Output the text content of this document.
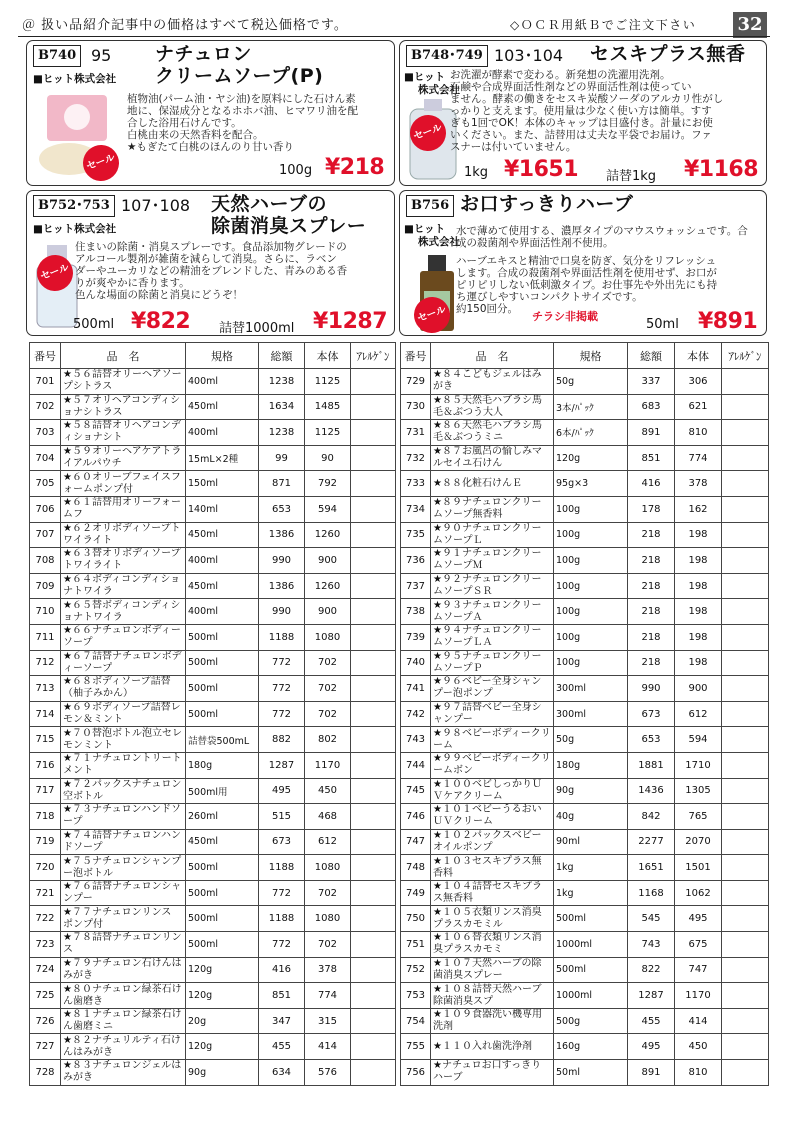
＠ 扱い品紹介記事中の価格はすべて税込価格です。	◇ＯＣＲ用紙Ｂでご注文下さい 32
B740 95 ナチュロン
クリームソープ(P)
■ヒット株式会社
セール
植物油(パーム油・ヤシ油)を原料にした石けん素
地に、保湿成分となるホホバ油、ヒマワリ油を配
合した浴用石けんです。
白桃由来の天然香料を配合。
★もぎたて白桃のほんのり甘い香り
100g ¥218
B748･749 103･104 セスキプラス無香
■ヒット
株式会社
セール
お洗濯が酵素で変わる。新発想の洗濯用洗剤。
石鹸や合成界面活性剤などの界面活性剤は使ってい
ません。酵素の働きをセスキ炭酸ソーダのアルカリ性がし
っかりと支えます。使用量は少なく使い方は簡単。すす
ぎも1回でOK！本体のキャップは目盛付き。計量にお使
いください。また、詰替用は丈夫な平袋でお届け。ファ
スナーは付いていません。
1kg ¥1651 詰替1kg ¥1168
B752･753 107･108 天然ハーブの
除菌消臭スプレー
■ヒット株式会社
セール
住まいの除菌・消臭スプレーです。食品添加物グレードの
アルコール製剤が雑菌を減らして消臭。さらに、ラベン
ダーやユーカリなどの精油をブレンドした、青みのある香
りが爽やかに香ります。
色んな場面の除菌と消臭にどうぞ！
500ml ¥822 詰替1000ml ¥1287
B756 お口すっきりハーブ
■ヒット
株式会社
セール
水で薄めて使用する、濃厚タイプのマウスウォッシュです。合
成の殺菌剤や界面活性剤不使用。
ハーブエキスと精油で口臭を防ぎ、気分をリフレッシュ
します。合成の殺菌剤や界面活性剤を使用せず、お口が
ピリピリしない低刺激タイプ。お仕事先や外出先にも持
ち運びしやすいコンパクトサイズです。
約150回分。
チラシ非掲載
50ml ¥891
番号	品　名	規格	総額	本体	ｱﾚﾙｹﾞﾝ
701	★５６詰替オリーヘアソープシトラス	400ml	1238	1125	
702	★５７オリヘアコンディショナシトラス	450ml	1634	1485	
703	★５８詰替オリヘアコンディショナシト	400ml	1238	1125	
704	★５９オリーヘアケアトライアルパウチ	15mL×2種	99	90	
705	★６０オリーブフェイスフォームポンプ付	150ml	871	792	
706	★６１詰替用オリーフォームフ	140ml	653	594	
707	★６２オリボディソープトワイライト	450ml	1386	1260	
708	★６３替オリボディソープトワイライト	400ml	990	900	
709	★６４ボディコンディショナトワイラ	450ml	1386	1260	
710	★６５替ボディコンディショナトワイラ	400ml	990	900	
711	★６６ナチュロンボディーソープ	500ml	1188	1080	
712	★６７詰替ナチュロンボディーソープ	500ml	772	702	
713	★６８ボディソープ詰替（柚子みかん）	500ml	772	702	
714	★６９ボディソープ詰替レモン＆ミント	500ml	772	702	
715	★７０替泡ボトル泡立セレモンミント	詰替袋500mL	882	802	
716	★７１ナチュロントリートメント	180g	1287	1170	
717	★７２パックスナチュロン空ボトル	500ml用	495	450	
718	★７３ナチュロンハンドソープ	260ml	515	468	
719	★７４詰替ナチュロンハンドソープ	450ml	673	612	
720	★７５ナチュロンシャンプー泡ボトル	500ml	1188	1080	
721	★７６詰替ナチュロンシャンプー	500ml	772	702	
722	★７７ナチュロンリンス　ポンプ付	500ml	1188	1080	
723	★７８詰替ナチュロンリンス	500ml	772	702	
724	★７９ナチュロン石けんはみがき	120g	416	378	
725	★８０ナチュロン緑茶石けん歯磨き	120g	851	774	
726	★８１ナチュロン緑茶石けん歯磨ミニ	20g	347	315	
727	★８２ナチュリルティ石けんはみがき	120g	455	414	
728	★８３ナチュロンジェルはみがき	90g	634	576	
番号	品　名	規格	総額	本体	ｱﾚﾙｹﾞﾝ
729	★８４こどもジェルはみがき	50g	337	306	
730	★８５天然毛ハブラシ馬毛＆ぶつう大人	3本/ﾊﾟｯｸ	683	621	
731	★８６天然毛ハブラシ馬毛＆ぶつうミニ	6本/ﾊﾟｯｸ	891	810	
732	★８７お風呂の愉しみマルセイユ石けん	120g	851	774	
733	★８８化粧石けんＥ	95g×3	416	378	
734	★８９ナチュロンクリームソープ無香料	100g	178	162	
735	★９０ナチュロンクリームソープＬ	100g	218	198	
736	★９１ナチュロンクリームソープＭ	100g	218	198	
737	★９２ナチュロンクリームソープＳＲ	100g	218	198	
738	★９３ナチュロンクリームソープＡ	100g	218	198	
739	★９４ナチュロンクリームソープＬＡ	100g	218	198	
740	★９５ナチュロンクリームソープＰ	100g	218	198	
741	★９６ベビー全身シャンプー泡ポンプ	300ml	990	900	
742	★９７詰替ベビー全身シャンプー	300ml	673	612	
743	★９８ベビーボディークリーム	50g	653	594	
744	★９９ベビーボディークリームボン	180g	1881	1710	
745	★１００ベビしっかりＵＶケアクリーム	90g	1436	1305	
746	★１０１ベビーうるおいＵＶクリーム	40g	842	765	
747	★１０２パックスベビーオイルポンプ	90ml	2277	2070	
748	★１０３セスキプラス無香料	1kg	1651	1501	
749	★１０４詰替セスキプラス無香料	1kg	1168	1062	
750	★１０５衣類リンス消臭プラスカモミル	500ml	545	495	
751	★１０６替衣類リンス消臭プラスカモミ	1000ml	743	675	
752	★１０７天然ハーブの除菌消臭スプレー	500ml	822	747	
753	★１０８詰替天然ハーブ除菌消臭スプ	1000ml	1287	1170	
754	★１０９食器洗い機専用洗剤	500g	455	414	
755	★１１０入れ歯洗浄剤	160g	495	450	
756	★ナチュロお口すっきりハーブ	50ml	891	810	
